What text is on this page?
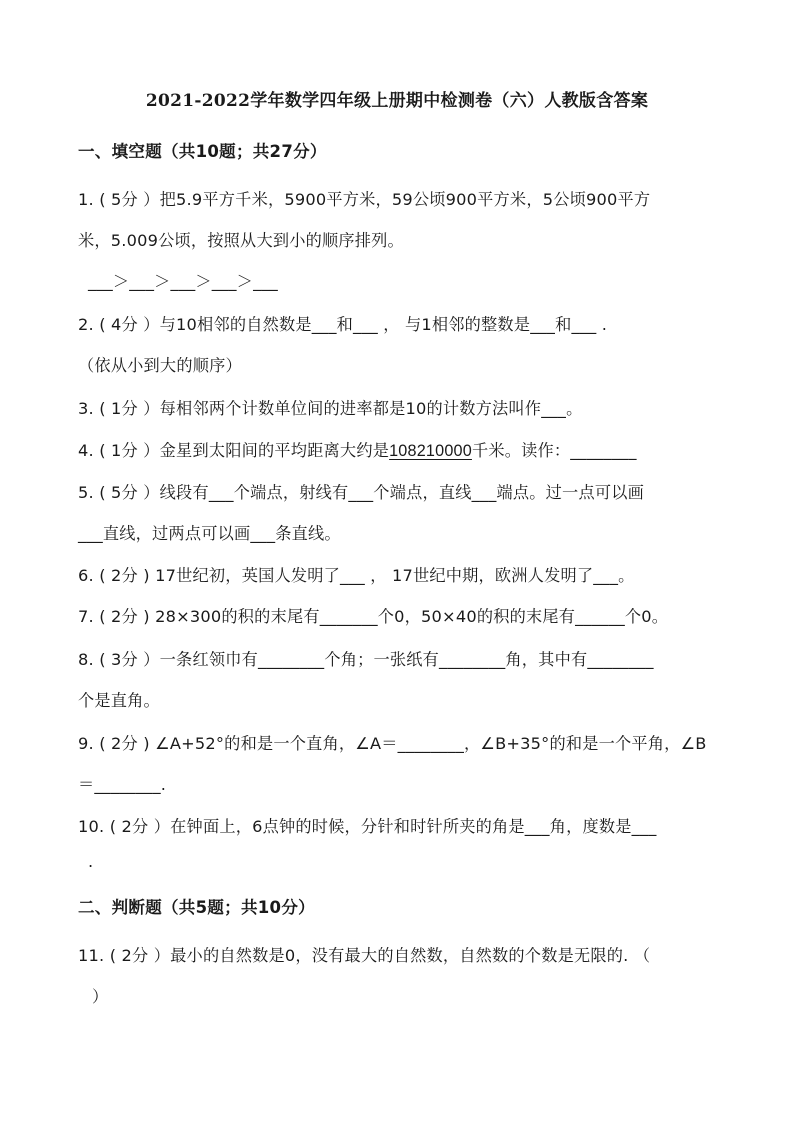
2021-2022学年数学四年级上册期中检测卷（六）人教版含答案
一、填空题（共10题；共27分）
1. ( 5分 ）把5.9平方千米，5900平方米，59公顷900平方米，5公顷900平方
米，5.009公顷，按照从大到小的顺序排列。
___＞___＞___＞___＞___
2. ( 4分 ）与10相邻的自然数是___和___ ， 与1相邻的整数是___和___ .
（依从小到大的顺序）
3. ( 1分 ）每相邻两个计数单位间的进率都是10的计数方法叫作___。
4. ( 1分 ）金星到太阳间的平均距离大约是108210000千米。读作：________
5. ( 5分 ）线段有___个端点，射线有___个端点，直线___端点。过一点可以画
___直线，过两点可以画___条直线。
6. ( 2分 ) 17世纪初，英国人发明了___ ， 17世纪中期，欧洲人发明了___。
7. ( 2分 ) 28×300的积的末尾有_______个0，50×40的积的末尾有______个0。
8. ( 3分 ）一条红领巾有________个角；一张纸有________角，其中有________
个是直角。
9. ( 2分 ) ∠A+52°的和是一个直角，∠A＝________，∠B+35°的和是一个平角，∠B
＝________.
10. ( 2分 ）在钟面上，6点钟的时候，分针和时针所夹的角是___角，度数是___
.
二、判断题（共5题；共10分）
11. ( 2分 ）最小的自然数是0，没有最大的自然数，自然数的个数是无限的. （
）
